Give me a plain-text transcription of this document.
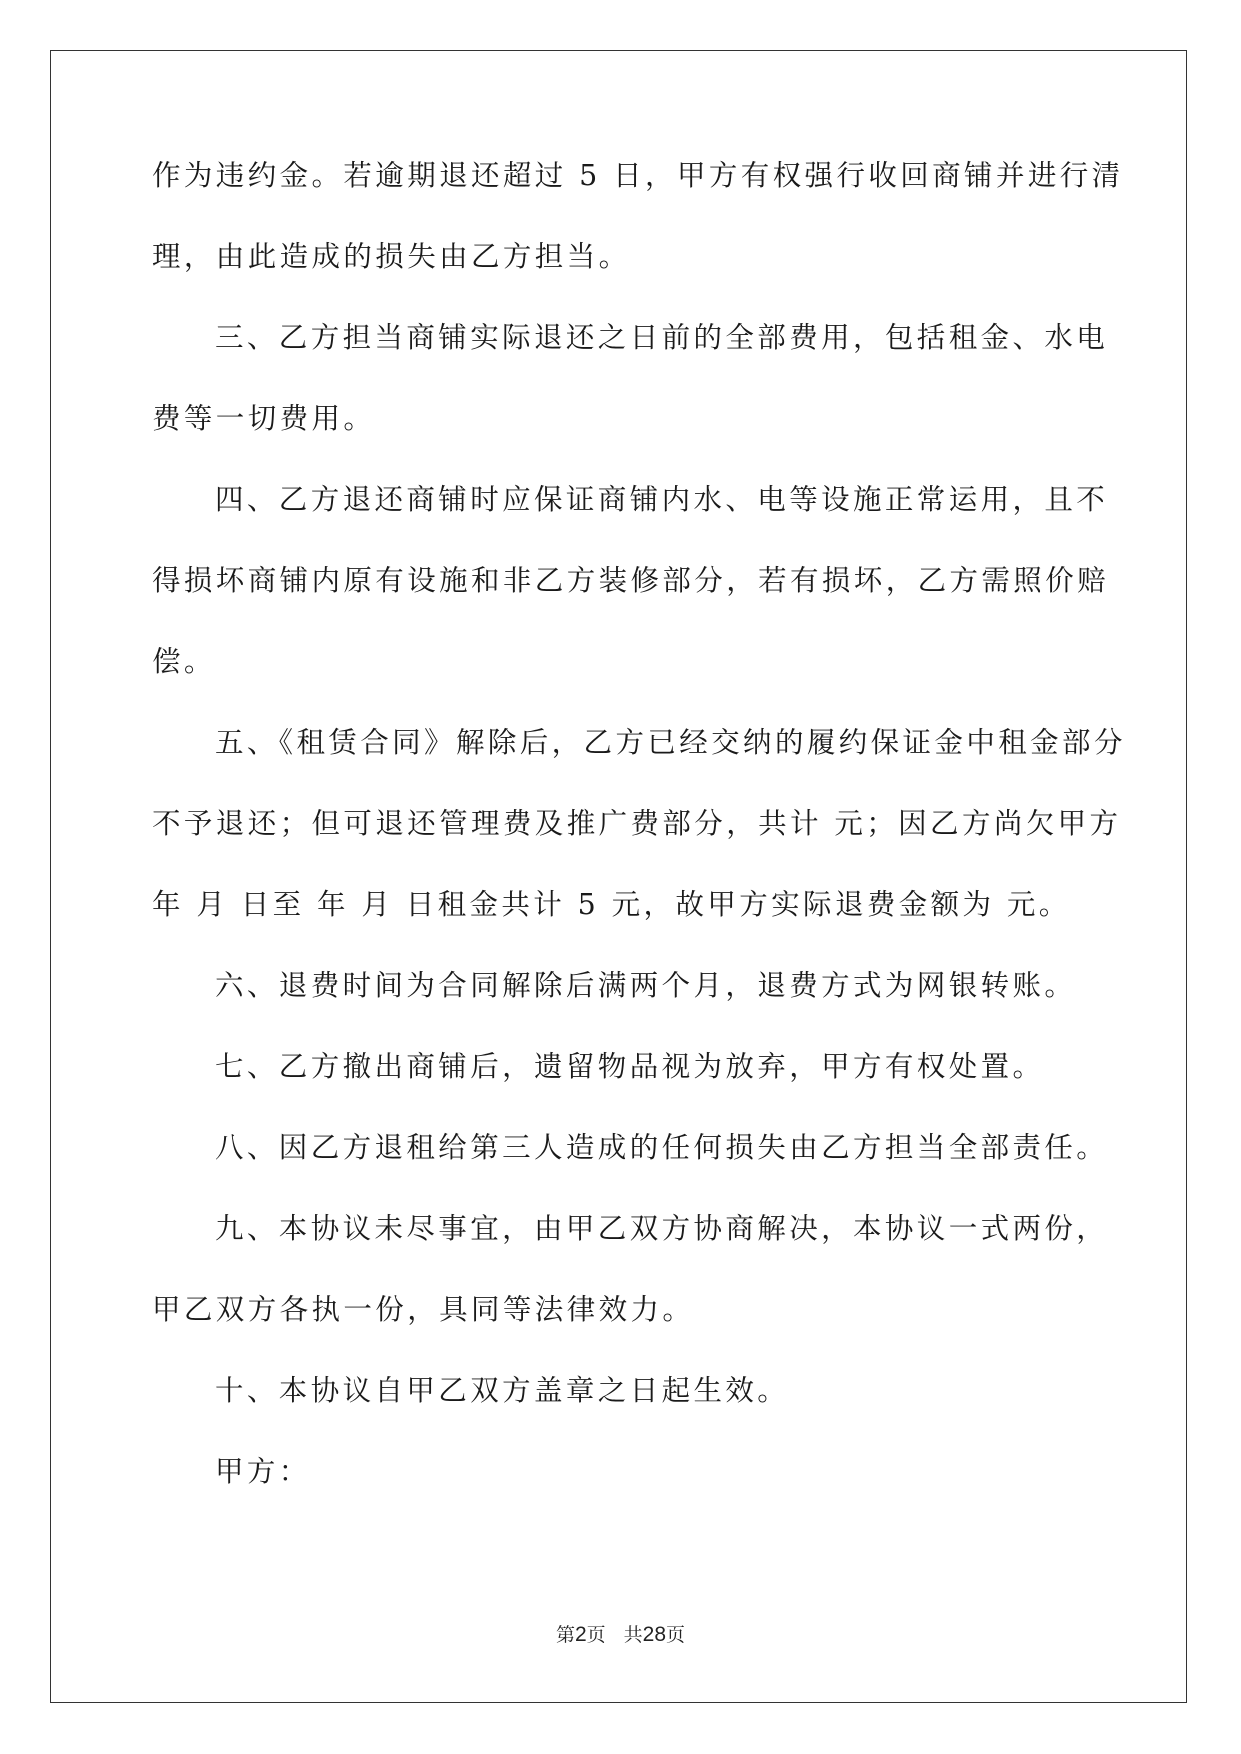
作为违约金。若逾期退还超过 5 日，甲方有权强行收回商铺并进行清
理，由此造成的损失由乙方担当。
三、乙方担当商铺实际退还之日前的全部费用，包括租金、水电
费等一切费用。
四、乙方退还商铺时应保证商铺内水、电等设施正常运用，且不
得损坏商铺内原有设施和非乙方装修部分，若有损坏，乙方需照价赔
偿。
五、《租赁合同》解除后，乙方已经交纳的履约保证金中租金部分
不予退还；但可退还管理费及推广费部分，共计 元；因乙方尚欠甲方
年 月 日至 年 月 日租金共计 5 元，故甲方实际退费金额为 元。
六、退费时间为合同解除后满两个月，退费方式为网银转账。
七、乙方撤出商铺后，遗留物品视为放弃，甲方有权处置。
八、因乙方退租给第三人造成的任何损失由乙方担当全部责任。
九、本协议未尽事宜，由甲乙双方协商解决，本协议一式两份，
甲乙双方各执一份，具同等法律效力。
十、本协议自甲乙双方盖章之日起生效。
甲方：
第2页 共28页
